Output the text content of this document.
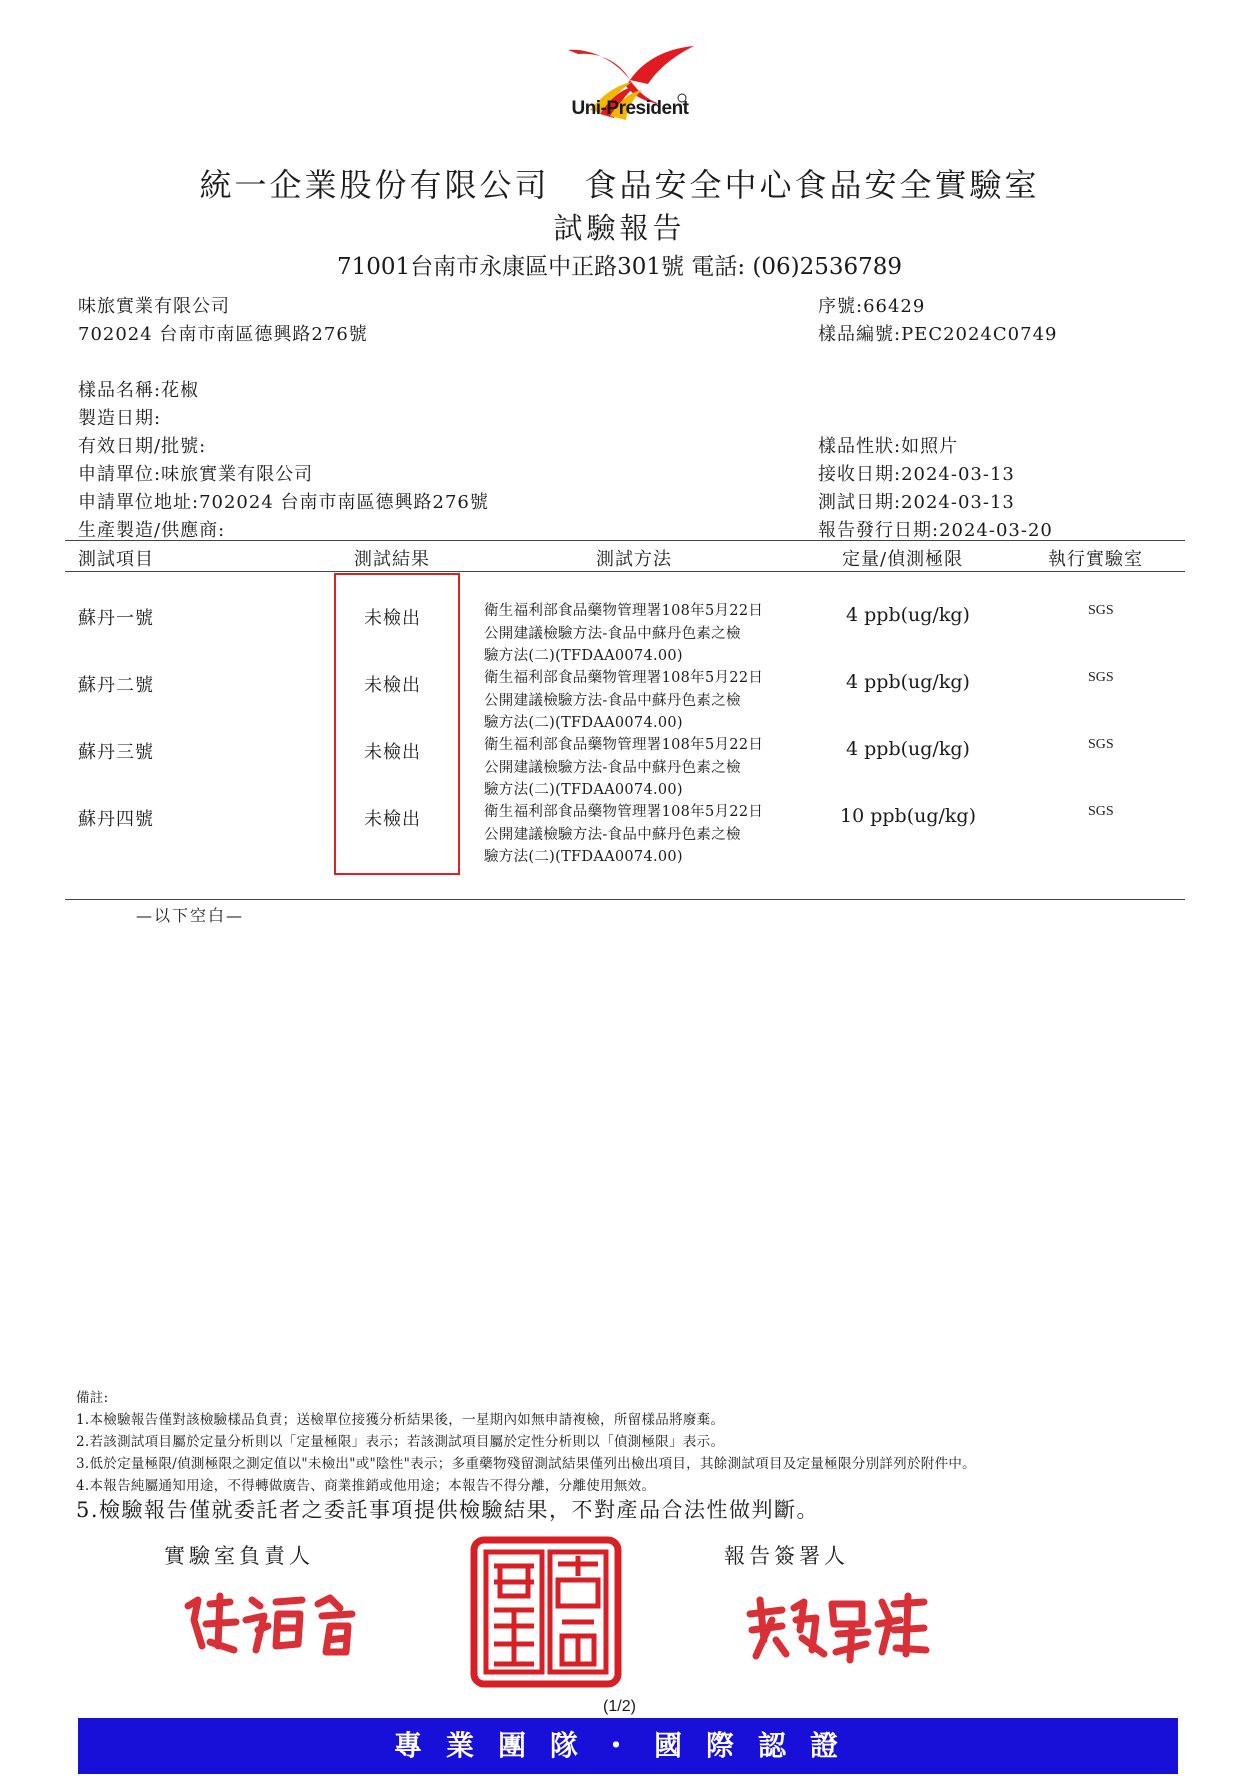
Uni-President
統一企業股份有限公司　食品安全中心食品安全實驗室
試驗報告
71001台南市永康區中正路301號 電話: (06)2536789
味旅實業有限公司
702024 台南市南區德興路276號
序號:66429
樣品編號:PEC2024C0749
樣品名稱:花椒
製造日期:
有效日期/批號:
申請單位:味旅實業有限公司
申請單位地址:702024 台南市南區德興路276號
生產製造/供應商:
樣品性狀:如照片
接收日期:2024-03-13
測試日期:2024-03-13
報告發行日期:2024-03-20
測試項目	測試結果	測試方法	定量/偵測極限	執行實驗室
蘇丹一號	未檢出	衛生福利部食品藥物管理署108年5月22日
公開建議檢驗方法-食品中蘇丹色素之檢
驗方法(二)(TFDAA0074.00)
4 ppb(ug/kg)	SGS
蘇丹二號	未檢出	衛生福利部食品藥物管理署108年5月22日
公開建議檢驗方法-食品中蘇丹色素之檢
驗方法(二)(TFDAA0074.00)
4 ppb(ug/kg)	SGS
蘇丹三號	未檢出	衛生福利部食品藥物管理署108年5月22日
公開建議檢驗方法-食品中蘇丹色素之檢
驗方法(二)(TFDAA0074.00)
4 ppb(ug/kg)	SGS
蘇丹四號	未檢出	衛生福利部食品藥物管理署108年5月22日
公開建議檢驗方法-食品中蘇丹色素之檢
驗方法(二)(TFDAA0074.00)
10 ppb(ug/kg)	SGS
—以下空白—
備註:
1.本檢驗報告僅對該檢驗樣品負責；送檢單位接獲分析結果後，一星期內如無申請複檢，所留樣品將廢棄。
2.若該測試項目屬於定量分析則以「定量極限」表示；若該測試項目屬於定性分析則以「偵測極限」表示。
3.低於定量極限/偵測極限之測定值以"未檢出"或"陰性"表示；多重藥物殘留測試結果僅列出檢出項目，其餘測試項目及定量極限分別詳列於附件中。
4.本報告純屬通知用途，不得轉做廣告、商業推銷或他用途；本報告不得分離，分離使用無效。
5.檢驗報告僅就委託者之委託事項提供檢驗結果，不對產品合法性做判斷。
實驗室負責人	報告簽署人
(1/2)
專業團隊・國際認證
